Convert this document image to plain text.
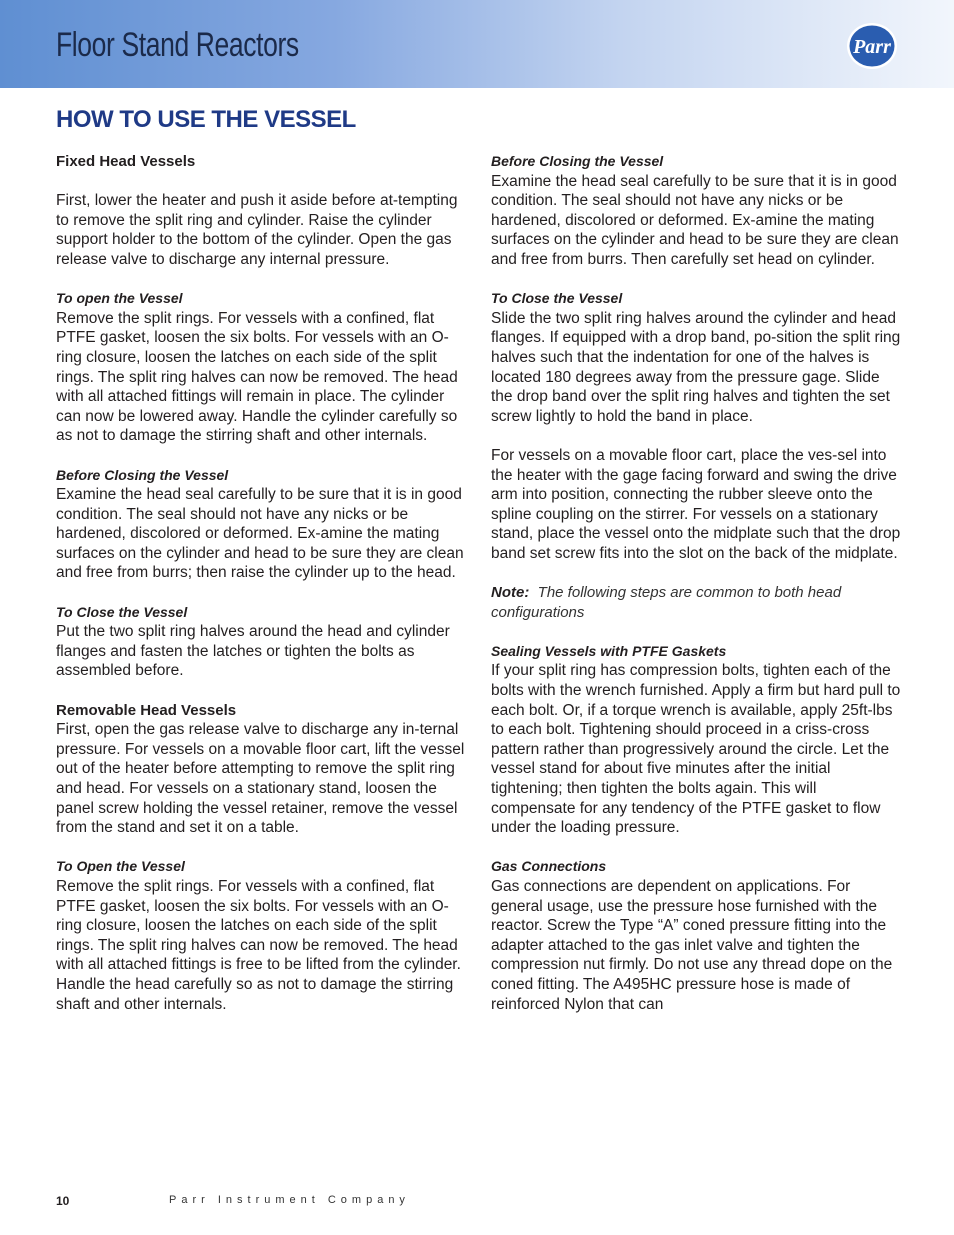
Floor Stand Reactors	Parr
HOW TO USE THE VESSEL

Fixed Head Vessels

First, lower the heater and push it aside before at-tempting to remove the split ring and cylinder. Raise the cylinder support holder to the bottom of the cylinder. Open the gas release valve to discharge any internal pressure.

To open the Vessel

Remove the split rings. For vessels with a confined, flat PTFE gasket, loosen the six bolts. For vessels with an O-ring closure, loosen the latches on each side of the split rings. The split ring halves can now be removed. The head with all attached fittings will remain in place. The cylinder can now be lowered away. Handle the cylinder carefully so as not to damage the stirring shaft and other internals.

Before Closing the Vessel

Examine the head seal carefully to be sure that it is in good condition. The seal should not have any nicks or be hardened, discolored or deformed. Ex-amine the mating surfaces on the cylinder and head to be sure they are clean and free from burrs; then raise the cylinder up to the head.

To Close the Vessel

Put the two split ring halves around the head and cylinder flanges and fasten the latches or tighten the bolts as assembled before.

Removable Head Vessels

First, open the gas release valve to discharge any in-ternal pressure. For vessels on a movable floor cart, lift the vessel out of the heater before attempting to remove the split ring and head. For vessels on a stationary stand, loosen the panel screw holding the vessel retainer, remove the vessel from the stand and set it on a table.

To Open the Vessel

Remove the split rings. For vessels with a confined, flat PTFE gasket, loosen the six bolts. For vessels with an O-ring closure, loosen the latches on each side of the split rings. The split ring halves can now be removed. The head with all attached fittings is free to be lifted from the cylinder. Handle the head carefully so as not to damage the stirring shaft and other internals.

Before Closing the Vessel

Examine the head seal carefully to be sure that it is in good condition. The seal should not have any nicks or be hardened, discolored or deformed. Ex-amine the mating surfaces on the cylinder and head to be sure they are clean and free from burrs. Then carefully set head on cylinder.

To Close the Vessel

Slide the two split ring halves around the cylinder and head flanges. If equipped with a drop band, po-sition the split ring halves such that the indentation for one of the halves is located 180 degrees away from the pressure gage. Slide the drop band over the split ring halves and tighten the set screw lightly to hold the band in place.

For vessels on a movable floor cart, place the ves-sel into the heater with the gage facing forward and swing the drive arm into position, connecting the rubber sleeve onto the spline coupling on the stirrer. For vessels on a stationary stand, place the vessel onto the midplate such that the drop band set screw fits into the slot on the back of the midplate.

Note: The following steps are common to both head configurations

Sealing Vessels with PTFE Gaskets

If your split ring has compression bolts, tighten each of the bolts with the wrench furnished. Apply a firm but hard pull to each bolt. Or, if a torque wrench is available, apply 25ft-lbs to each bolt. Tightening should proceed in a criss-cross pattern rather than progressively around the circle. Let the vessel stand for about five minutes after the initial tightening; then tighten the bolts again. This will compensate for any tendency of the PTFE gasket to flow under the loading pressure.

Gas Connections

Gas connections are dependent on applications. For general usage, use the pressure hose furnished with the reactor. Screw the Type “A” coned pressure fitting into the adapter attached to the gas inlet valve and tighten the compression nut firmly. Do not use any thread dope on the coned fitting. The A495HC pressure hose is made of reinforced Nylon that can

10	Parr Instrument Company
